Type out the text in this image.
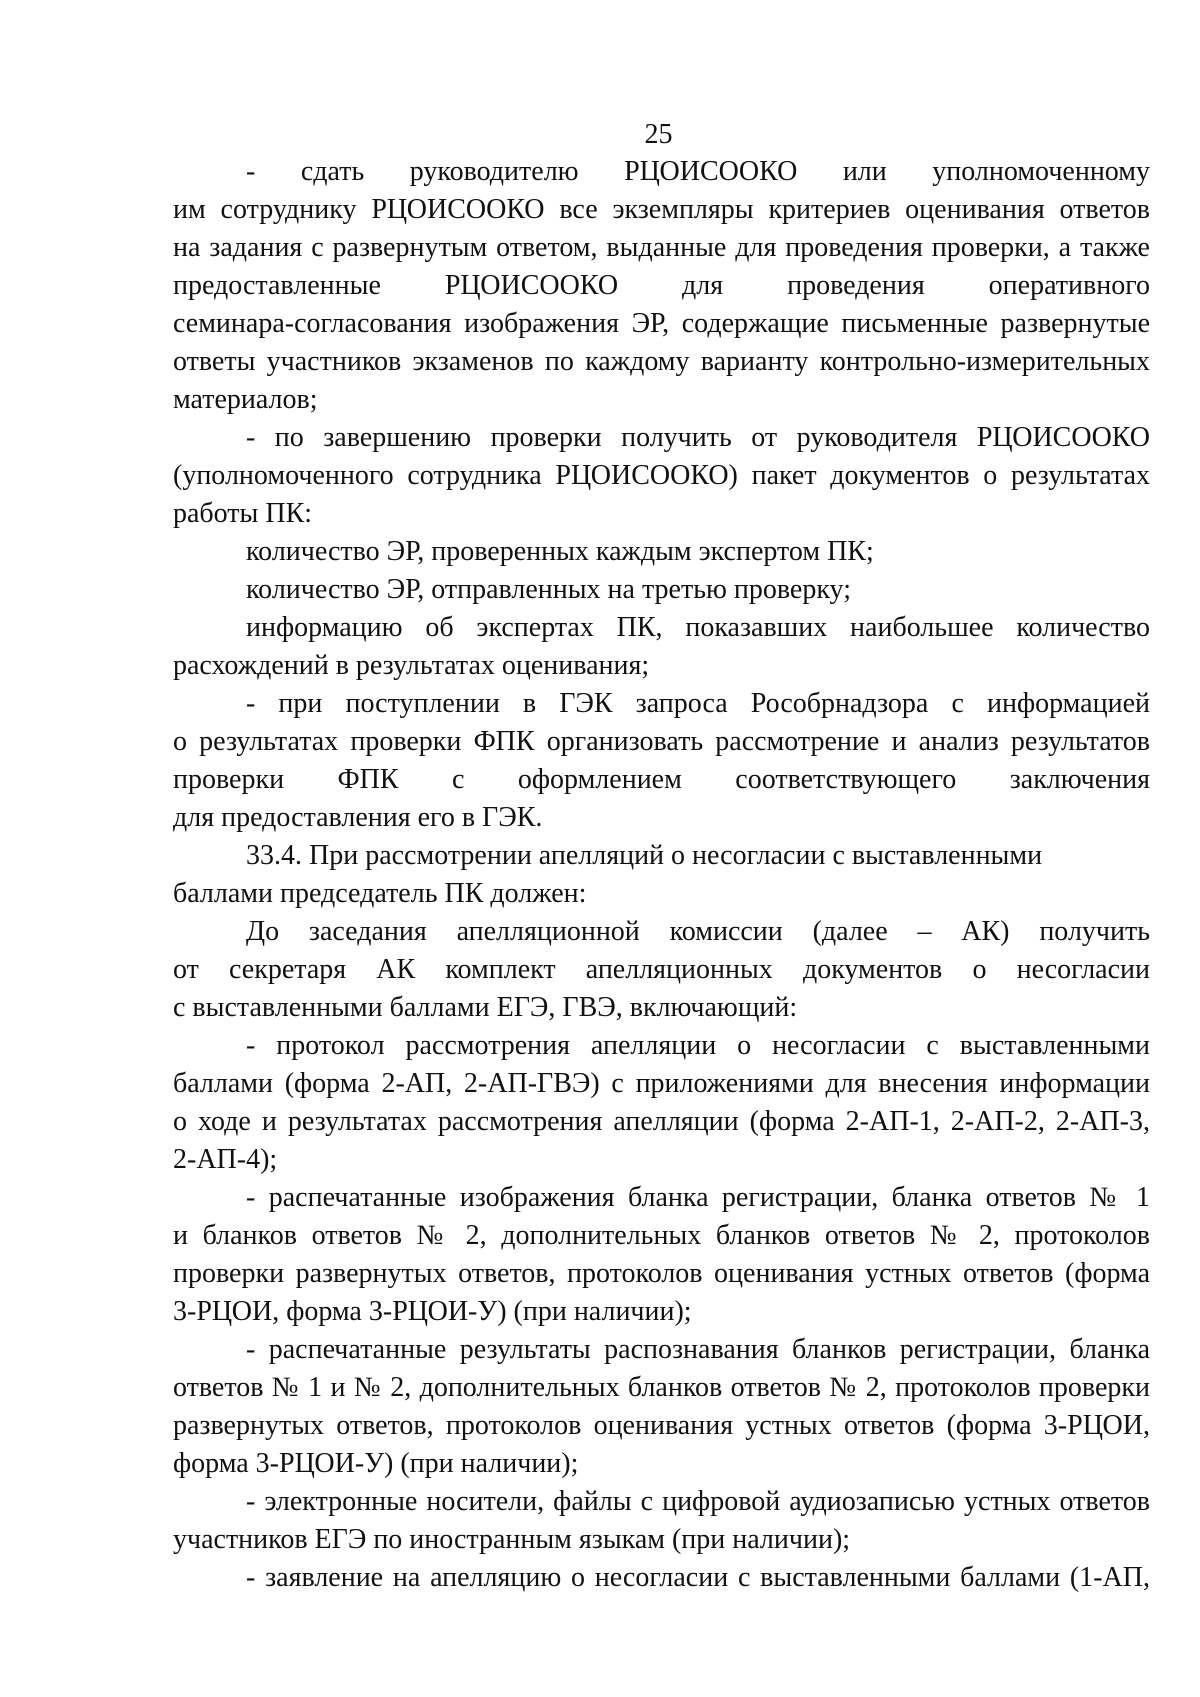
25

- сдать руководителю РЦОИСООКО или уполномоченному

им сотруднику РЦОИСООКО все экземпляры критериев оценивания ответов

на задания с развернутым ответом, выданные для проведения проверки, а также

предоставленные РЦОИСООКО для проведения оперативного

семинара-согласования изображения ЭР, содержащие письменные развернутые

ответы участников экзаменов по каждому варианту контрольно-измерительных

материалов;

- по завершению проверки получить от руководителя РЦОИСООКО

(уполномоченного сотрудника РЦОИСООКО) пакет документов о результатах

работы ПК:

количество ЭР, проверенных каждым экспертом ПК;

количество ЭР, отправленных на третью проверку;

информацию об экспертах ПК, показавших наибольшее количество

расхождений в результатах оценивания;

- при поступлении в ГЭК запроса Рособрнадзора с информацией

о результатах проверки ФПК организовать рассмотрение и анализ результатов

проверки ФПК с оформлением соответствующего заключения

для предоставления его в ГЭК.

33.4. При рассмотрении апелляций о несогласии с выставленными

баллами председатель ПК должен:

До заседания апелляционной комиссии (далее – АК) получить

от секретаря АК комплект апелляционных документов о несогласии

с выставленными баллами ЕГЭ, ГВЭ, включающий:

- протокол рассмотрения апелляции о несогласии с выставленными

баллами (форма 2-АП, 2-АП-ГВЭ) с приложениями для внесения информации

о ходе и результатах рассмотрения апелляции (форма 2-АП-1, 2-АП-2, 2-АП-3,

2-АП-4);

- распечатанные изображения бланка регистрации, бланка ответов № 1

и бланков ответов № 2, дополнительных бланков ответов № 2, протоколов

проверки развернутых ответов, протоколов оценивания устных ответов (форма

3-РЦОИ, форма 3-РЦОИ-У) (при наличии);

- распечатанные результаты распознавания бланков регистрации, бланка

ответов № 1 и № 2, дополнительных бланков ответов № 2, протоколов проверки

развернутых ответов, протоколов оценивания устных ответов (форма 3-РЦОИ,

форма 3-РЦОИ-У) (при наличии);

- электронные носители, файлы с цифровой аудиозаписью устных ответов

участников ЕГЭ по иностранным языкам (при наличии);

- заявление на апелляцию о несогласии с выставленными баллами (1-АП,
